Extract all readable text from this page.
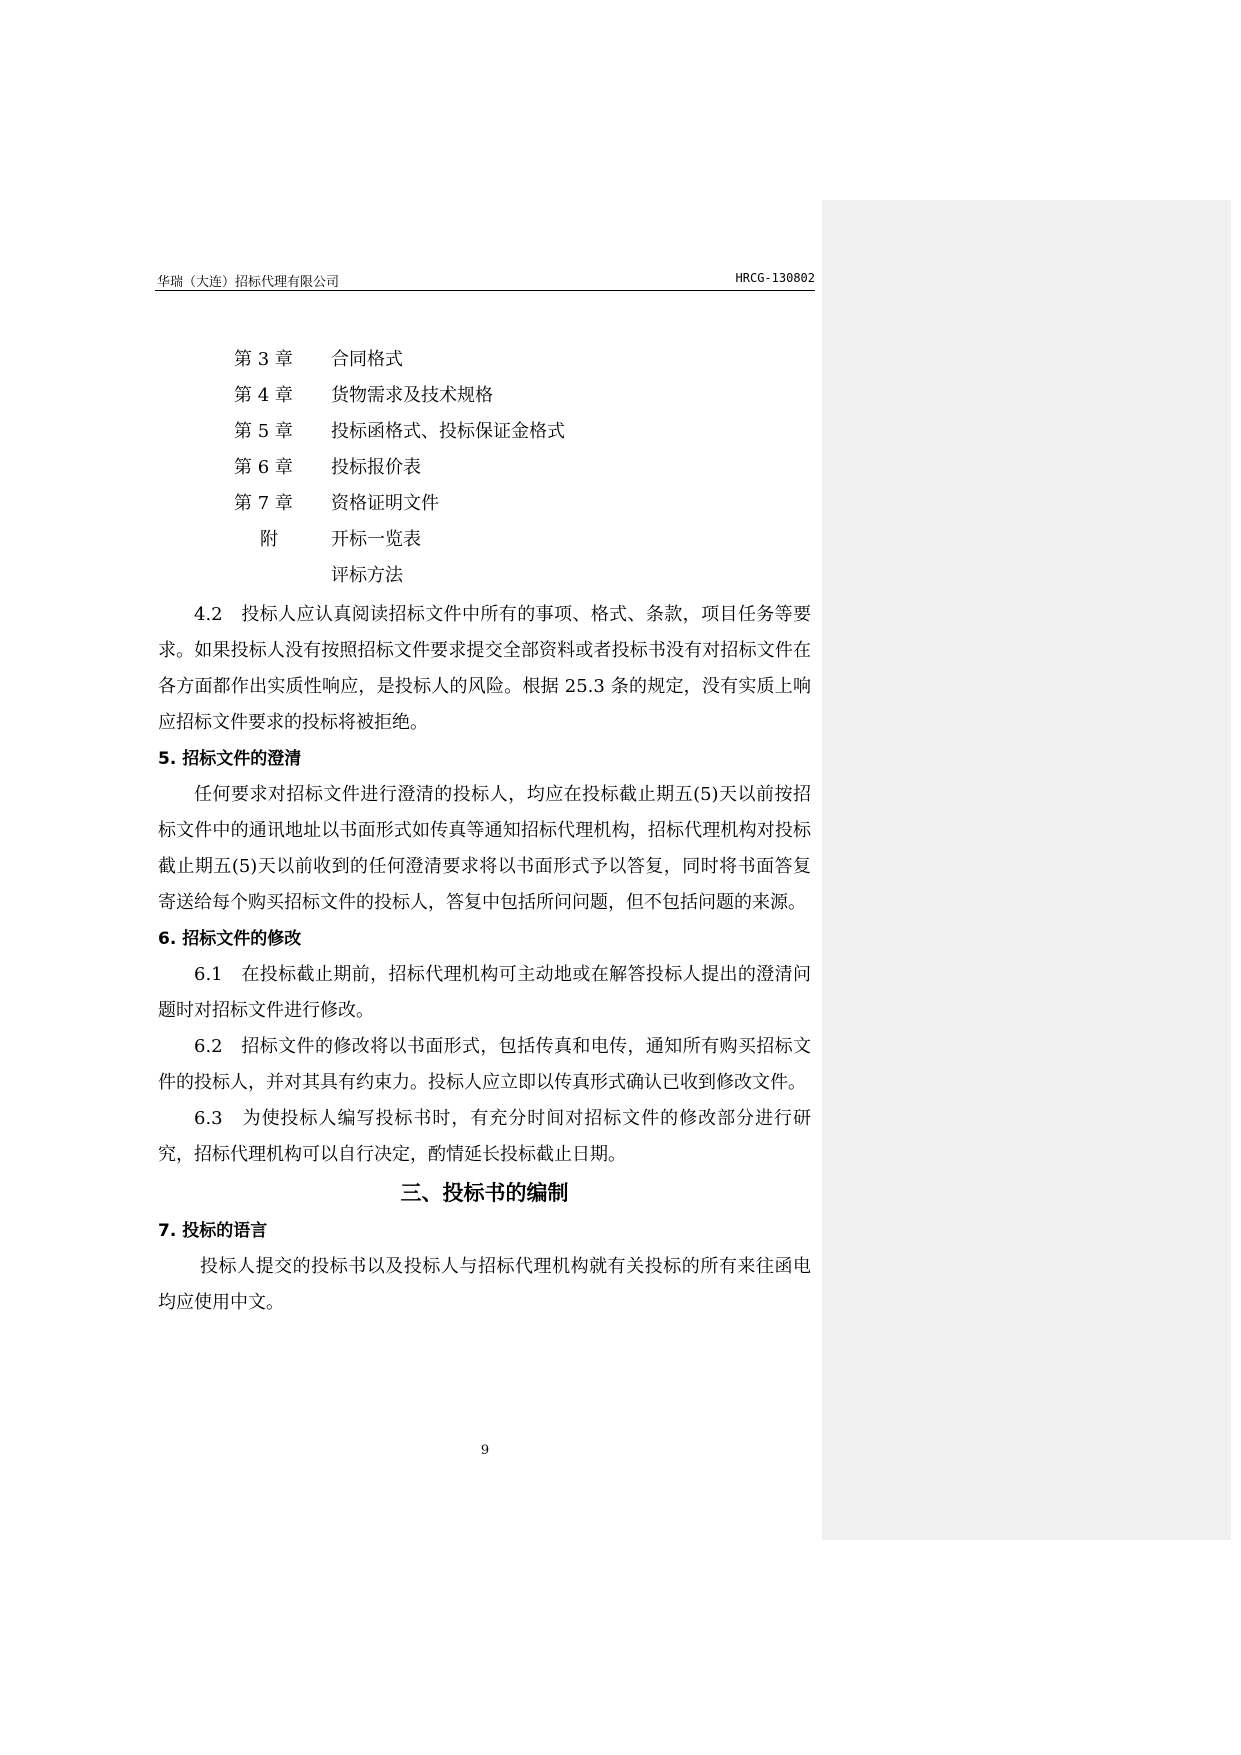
华瑞（大连）招标代理有限公司	HRCG-130802
第 3 章 合同格式
第 4 章 货物需求及技术规格
第 5 章 投标函格式、投标保证金格式
第 6 章 投标报价表
第 7 章 资格证明文件
附	开标一览表
评标方法

4.2　投标人应认真阅读招标文件中所有的事项、格式、条款，项目任务等要求。如果投标人没有按照招标文件要求提交全部资料或者投标书没有对招标文件在各方面都作出实质性响应，是投标人的风险。根据 25.3 条的规定，没有实质上响应招标文件要求的投标将被拒绝。

5. 招标文件的澄清

任何要求对招标文件进行澄清的投标人，均应在投标截止期五(5)天以前按招标文件中的通讯地址以书面形式如传真等通知招标代理机构，招标代理机构对投标截止期五(5)天以前收到的任何澄清要求将以书面形式予以答复，同时将书面答复寄送给每个购买招标文件的投标人，答复中包括所问问题，但不包括问题的来源。

6. 招标文件的修改

6.1　在投标截止期前，招标代理机构可主动地或在解答投标人提出的澄清问题时对招标文件进行修改。

6.2　招标文件的修改将以书面形式，包括传真和电传，通知所有购买招标文件的投标人，并对其具有约束力。投标人应立即以传真形式确认已收到修改文件。

6.3　为使投标人编写投标书时，有充分时间对招标文件的修改部分进行研究，招标代理机构可以自行决定，酌情延长投标截止日期。

三、投标书的编制

7. 投标的语言

投标人提交的投标书以及投标人与招标代理机构就有关投标的所有来往函电均应使用中文。

9
